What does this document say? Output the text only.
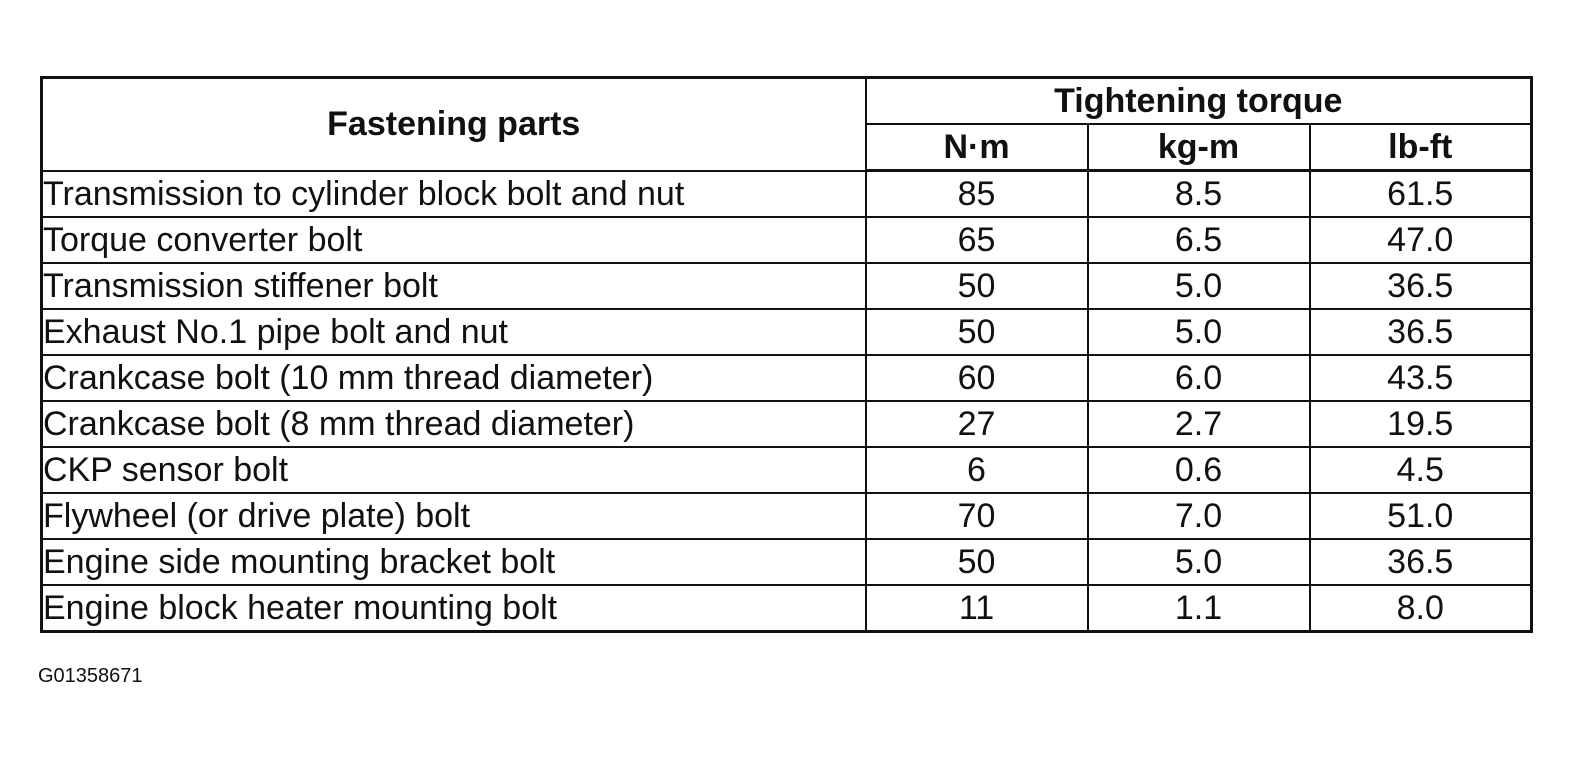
Fastening parts	Tightening torque		
	N·m	kg-m	lb-ft
Transmission to cylinder block bolt and nut	85	8.5	61.5
Torque converter bolt	65	6.5	47.0
Transmission stiffener bolt	50	5.0	36.5
Exhaust No.1 pipe bolt and nut	50	5.0	36.5
Crankcase bolt (10 mm thread diameter)	60	6.0	43.5
Crankcase bolt (8 mm thread diameter)	27	2.7	19.5
CKP sensor bolt	6	0.6	4.5
Flywheel (or drive plate) bolt	70	7.0	51.0
Engine side mounting bracket bolt	50	5.0	36.5
Engine block heater mounting bolt	11	1.1	8.0
G01358671
